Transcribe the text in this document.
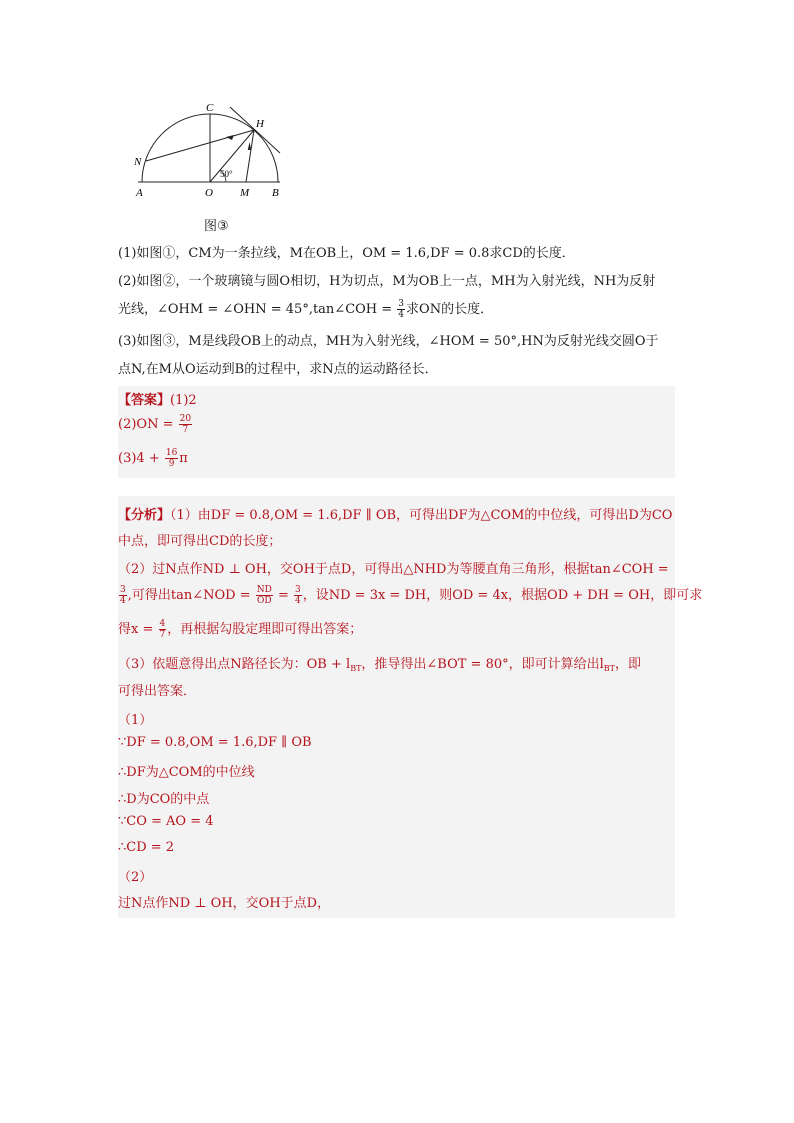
N
C
H
A	O M B
50°
图③
(1)如图①，CM为一条拉线，M在OB上，OM = 1.6,DF = 0.8求CD的长度．
(2)如图②，一个玻璃镜与圆O相切，H为切点，M为OB上一点，MH为入射光线，NH为反射
光线，∠OHM = ∠OHN = 45°,tan∠COH = $\frac{3}{4}$ 求ON的长度．
(3)如图③，M是线段OB上的动点，MH为入射光线，∠HOM = 50°,HN为反射光线交圆O于
点N,在M从O运动到B的过程中，求N点的运动路径长．
【答案】(1)2
$(2)ON = \frac{20}{7}$
$(3)4 + \frac{16}{9}$ π
【分析】（1）由DF = 0.8,OM = 1.6,DF ∥ OB，可得出DF为△COM的中位线，可得出D为CO
中点，即可得出CD的长度；
（2）过N点作ND ⊥ OH，交OH于点D，可得出△NHD为等腰直角三角形，根据tan∠COH =
$\frac{3}{4}$ ,可得出tan∠NOD = $\frac{ND}{OD} = \frac{3}{4}$ ，设ND = 3x = DH，则OD = 4x，根据OD + DH = OH，即可求
得$x = \frac{4}{7}$ ，再根据勾股定理即可得出答案；
（3）依题意得出点N路径长为：OB + $l_{BT}$，推导得出∠BOT = 80°，即可计算给出$l_{BT}$，即
可得出答案．
（1）
∵DF = 0.8,OM = 1.6,DF ∥ OB
∴DF为△COM的中位线
∴D为CO的中点
∵CO = AO = 4
∴CD = 2
（2）
过N点作ND ⊥ OH，交OH于点D，
